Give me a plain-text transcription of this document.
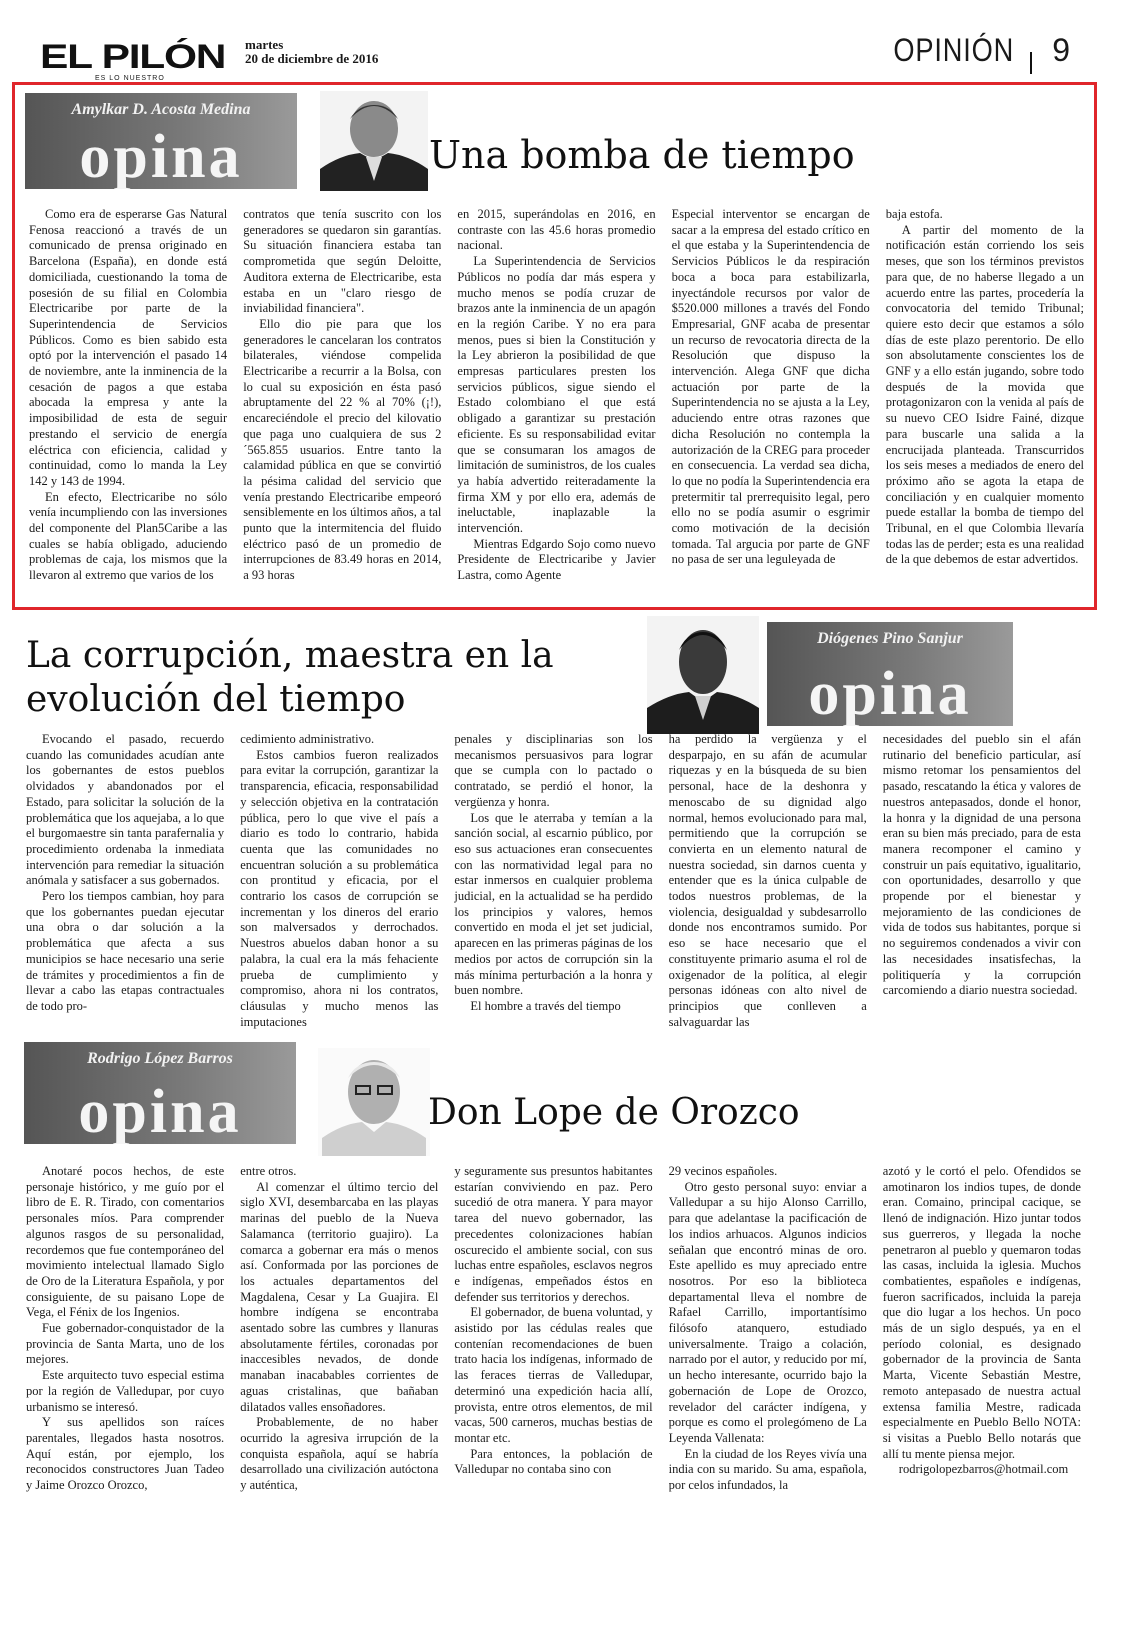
EL PILÓN
ES LO NUESTRO
martes
20 de diciembre de 2016	OPINIÓN 9
Amylkar D. Acosta Medina
opina	Una bomba de tiempo

Como era de esperarse Gas Natural Fenosa reaccionó a través de un comunicado de prensa originado en Barcelona (España), en donde está domiciliada, cuestionando la toma de posesión de su filial en Colombia Electricaribe por parte de la Superintendencia de Servicios Públicos. Como es bien sabido esta optó por la intervención el pasado 14 de noviembre, ante la inminencia de la cesación de pagos a que estaba abocada la empresa y ante la imposibilidad de esta de seguir prestando el servicio de energía eléctrica con eficiencia, calidad y continuidad, como lo manda la Ley 142 y 143 de 1994.

En efecto, Electricaribe no sólo venía incumpliendo con las inversiones del componente del Plan5Caribe a las cuales se había obligado, aduciendo problemas de caja, los mismos que la llevaron al extremo que varios de los

contratos que tenía suscrito con los generadores se quedaron sin garantías. Su situación financiera estaba tan comprometida que según Deloitte, Auditora externa de Electricaribe, esta estaba en un "claro riesgo de inviabilidad financiera".

Ello dio pie para que los generadores le cancelaran los contratos bilaterales, viéndose compelida Electricaribe a recurrir a la Bolsa, con lo cual su exposición en ésta pasó abruptamente del 22 % al 70% (¡!), encareciéndole el precio del kilovatio que paga uno cualquiera de sus 2´565.855 usuarios. Entre tanto la calamidad pública en que se convirtió la pésima calidad del servicio que venía prestando Electricaribe empeoró sensiblemente en los últimos años, a tal punto que la intermitencia del fluido eléctrico pasó de un promedio de interrupciones de 83.49 horas en 2014, a 93 horas

en 2015, superándolas en 2016, en contraste con las 45.6 horas promedio nacional.

La Superintendencia de Servicios Públicos no podía dar más espera y mucho menos se podía cruzar de brazos ante la inminencia de un apagón en la región Caribe. Y no era para menos, pues si bien la Constitución y la Ley abrieron la posibilidad de que empresas particulares presten los servicios públicos, sigue siendo el Estado colombiano el que está obligado a garantizar su prestación eficiente. Es su responsabilidad evitar que se consumaran los amagos de limitación de suministros, de los cuales ya había advertido reiteradamente la firma XM y por ello era, además de ineluctable, inaplazable la intervención.

Mientras Edgardo Sojo como nuevo Presidente de Electricaribe y Javier Lastra, como Agente

Especial interventor se encargan de sacar a la empresa del estado crítico en el que estaba y la Superintendencia de Servicios Públicos le da respiración boca a boca para estabilizarla, inyectándole recursos por valor de $520.000 millones a través del Fondo Empresarial, GNF acaba de presentar un recurso de revocatoria directa de la Resolución que dispuso la intervención. Alega GNF que dicha actuación por parte de la Superintendencia no se ajusta a la Ley, aduciendo entre otras razones que dicha Resolución no contempla la autorización de la CREG para proceder en consecuencia. La verdad sea dicha, lo que no podía la Superintendencia era pretermitir tal prerrequisito legal, pero ello no se podía asumir o esgrimir como motivación de la decisión tomada. Tal argucia por parte de GNF no pasa de ser una leguleyada de

baja estofa.

A partir del momento de la notificación están corriendo los seis meses, que son los términos previstos para que, de no haberse llegado a un acuerdo entre las partes, procedería la convocatoria del temido Tribunal; quiere esto decir que estamos a sólo días de este plazo perentorio. De ello son absolutamente conscientes los de GNF y a ello están jugando, sobre todo después de la movida que protagonizaron con la venida al país de su nuevo CEO Isidre Fainé, dizque para buscarle una salida a la encrucijada planteada. Transcurridos los seis meses a mediados de enero del próximo año se agota la etapa de conciliación y en cualquier momento puede estallar la bomba de tiempo del Tribunal, en el que Colombia llevaría todas las de perder; esta es una realidad de la que debemos de estar advertidos.

La corrupción, maestra en la
evolución del tiempo
Diógenes Pino Sanjur
opina

Evocando el pasado, recuerdo cuando las comunidades acudían ante los gobernantes de estos pueblos olvidados y abandonados por el Estado, para solicitar la solución de la problemática que los aquejaba, a lo que el burgomaestre sin tanta parafernalia y procedimiento ordenaba la inmediata intervención para remediar la situación anómala y satisfacer a sus gobernados.

Pero los tiempos cambian, hoy para que los gobernantes puedan ejecutar una obra o dar solución a la problemática que afecta a sus municipios se hace necesario una serie de trámites y procedimientos a fin de llevar a cabo las etapas contractuales de todo pro-

cedimiento administrativo.

Estos cambios fueron realizados para evitar la corrupción, garantizar la transparencia, eficacia, responsabilidad y selección objetiva en la contratación pública, pero lo que vive el país a diario es todo lo contrario, habida cuenta que las comunidades no encuentran solución a su problemática con prontitud y eficacia, por el contrario los casos de corrupción se incrementan y los dineros del erario son malversados y derrochados. Nuestros abuelos daban honor a su palabra, la cual era la más fehaciente prueba de cumplimiento y compromiso, ahora ni los contratos, cláusulas y mucho menos las imputaciones

penales y disciplinarias son los mecanismos persuasivos para lograr que se cumpla con lo pactado o contratado, se perdió el honor, la vergüenza y honra.

Los que le aterraba y temían a la sanción social, al escarnio público, por eso sus actuaciones eran consecuentes con las normatividad legal para no estar inmersos en cualquier problema judicial, en la actualidad se ha perdido los principios y valores, hemos convertido en moda el jet set judicial, aparecen en las primeras páginas de los medios por actos de corrupción sin la más mínima perturbación a la honra y buen nombre.

El hombre a través del tiempo

ha perdido la vergüenza y el desparpajo, en su afán de acumular riquezas y en la búsqueda de su bien personal, hace de la deshonra y menoscabo de su dignidad algo normal, hemos evolucionado para mal, permitiendo que la corrupción se convierta en un elemento natural de nuestra sociedad, sin darnos cuenta y entender que es la única culpable de todos nuestros problemas, de la violencia, desigualdad y subdesarrollo donde nos encontramos sumido. Por eso se hace necesario que el constituyente primario asuma el rol de oxigenador de la política, al elegir personas idóneas con alto nivel de principios que conlleven a salvaguardar las

necesidades del pueblo sin el afán rutinario del beneficio particular, así mismo retomar los pensamientos del pasado, rescatando la ética y valores de nuestros antepasados, donde el honor, la honra y la dignidad de una persona eran su bien más preciado, para de esta manera recomponer el camino y construir un país equitativo, igualitario, con oportunidades, desarrollo y que propende por el bienestar y mejoramiento de las condiciones de vida de todos sus habitantes, porque si no seguiremos condenados a vivir con las necesidades insatisfechas, la politiquería y la corrupción carcomiendo a diario nuestra sociedad.

Rodrigo López Barros
opina	Don Lope de Orozco

Anotaré pocos hechos, de este personaje histórico, y me guío por el libro de E. R. Tirado, con comentarios personales míos. Para comprender algunos rasgos de su personalidad, recordemos que fue contemporáneo del movimiento intelectual llamado Siglo de Oro de la Literatura Española, y por consiguiente, de su paisano Lope de Vega, el Fénix de los Ingenios.

Fue gobernador-conquistador de la provincia de Santa Marta, uno de los mejores.

Este arquitecto tuvo especial estima por la región de Valledupar, por cuyo urbanismo se interesó.

Y sus apellidos son raíces parentales, llegados hasta nosotros. Aquí están, por ejemplo, los reconocidos constructores Juan Tadeo y Jaime Orozco Orozco,

entre otros.

Al comenzar el último tercio del siglo XVI, desembarcaba en las playas marinas del pueblo de la Nueva Salamanca (territorio guajiro). La comarca a gobernar era más o menos así. Conformada por las porciones de los actuales departamentos del Magdalena, Cesar y La Guajira. El hombre indígena se encontraba asentado sobre las cumbres y llanuras absolutamente fértiles, coronadas por inaccesibles nevados, de donde manaban inacabables corrientes de aguas cristalinas, que bañaban dilatados valles ensoñadores.

Probablemente, de no haber ocurrido la agresiva irrupción de la conquista española, aquí se habría desarrollado una civilización autóctona y auténtica,

y seguramente sus presuntos habitantes estarían conviviendo en paz. Pero sucedió de otra manera. Y para mayor tarea del nuevo gobernador, las precedentes colonizaciones habían oscurecido el ambiente social, con sus luchas entre españoles, esclavos negros e indígenas, empeñados éstos en defender sus territorios y derechos.

El gobernador, de buena voluntad, y asistido por las cédulas reales que contenían recomendaciones de buen trato hacia los indígenas, informado de las feraces tierras de Valledupar, determinó una expedición hacia allí, provista, entre otros elementos, de mil vacas, 500 carneros, muchas bestias de montar etc.

Para entonces, la población de Valledupar no contaba sino con

29 vecinos españoles.

Otro gesto personal suyo: enviar a Valledupar a su hijo Alonso Carrillo, para que adelantase la pacificación de los indios arhuacos. Algunos indicios señalan que encontró minas de oro. Este apellido es muy apreciado entre nosotros. Por eso la biblioteca departamental lleva el nombre de Rafael Carrillo, importantísimo filósofo atanquero, estudiado universalmente. Traigo a colación, narrado por el autor, y reducido por mí, un hecho interesante, ocurrido bajo la gobernación de Lope de Orozco, revelador del carácter indígena, y porque es como el prolegómeno de La Leyenda Vallenata:

En la ciudad de los Reyes vivía una india con su marido. Su ama, española, por celos infundados, la

azotó y le cortó el pelo. Ofendidos se amotinaron los indios tupes, de donde eran. Comaino, principal cacique, se llenó de indignación. Hizo juntar todos sus guerreros, y llegada la noche penetraron al pueblo y quemaron todas las casas, incluida la iglesia. Muchos combatientes, españoles e indígenas, fueron sacrificados, incluida la pareja que dio lugar a los hechos. Un poco más de un siglo después, ya en el período colonial, es designado gobernador de la provincia de Santa Marta, Vicente Sebastián Mestre, remoto antepasado de nuestra actual extensa familia Mestre, radicada especialmente en Pueblo Bello NOTA: si visitas a Pueblo Bello notarás que allí tu mente piensa mejor.

rodrigolopezbarros@hotmail.com
